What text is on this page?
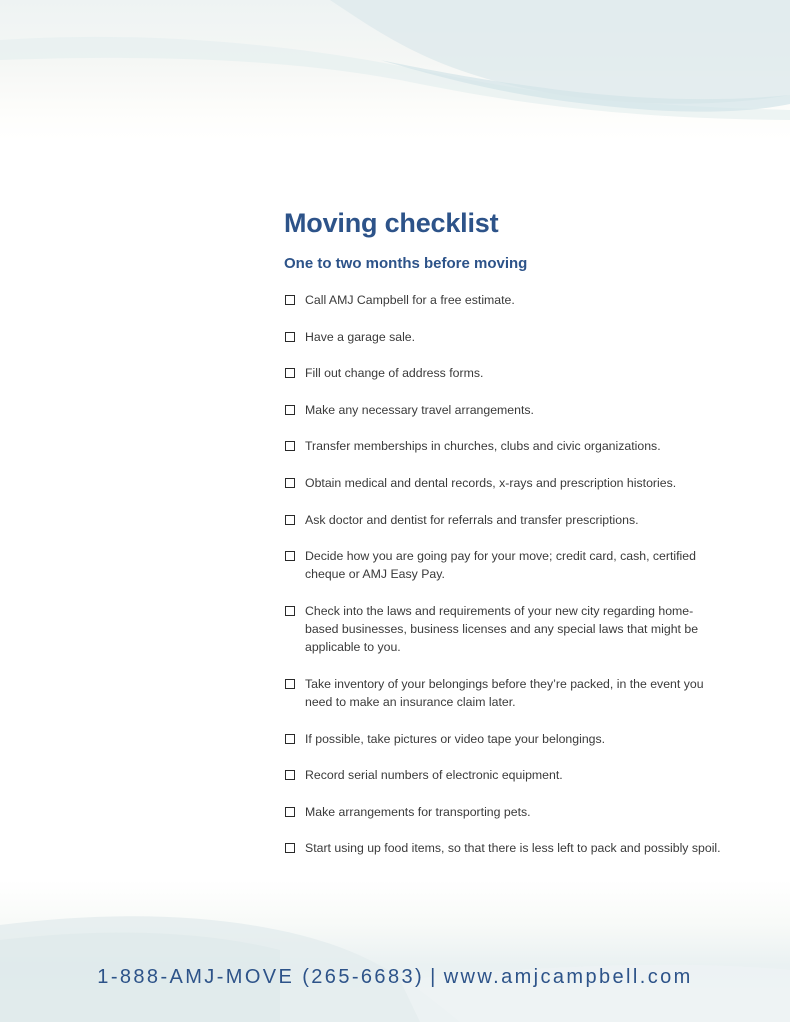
Moving checklist
One to two months before moving
Call AMJ Campbell for a free estimate.
Have a garage sale.
Fill out change of address forms.
Make any necessary travel arrangements.
Transfer memberships in churches, clubs and civic organizations.
Obtain medical and dental records, x-rays and prescription histories.
Ask doctor and dentist for referrals and transfer prescriptions.
Decide how you are going pay for your move; credit card, cash, certified cheque or AMJ Easy Pay.
Check into the laws and requirements of your new city regarding home-based businesses, business licenses and any special laws that might be applicable to you.
Take inventory of your belongings before they’re packed, in the event you need to make an insurance claim later.
If possible, take pictures or video tape your belongings.
Record serial numbers of electronic equipment.
Make arrangements for transporting pets.
Start using up food items, so that there is less left to pack and possibly spoil.
1-888-AMJ-MOVE (265-6683) | www.amjcampbell.com
